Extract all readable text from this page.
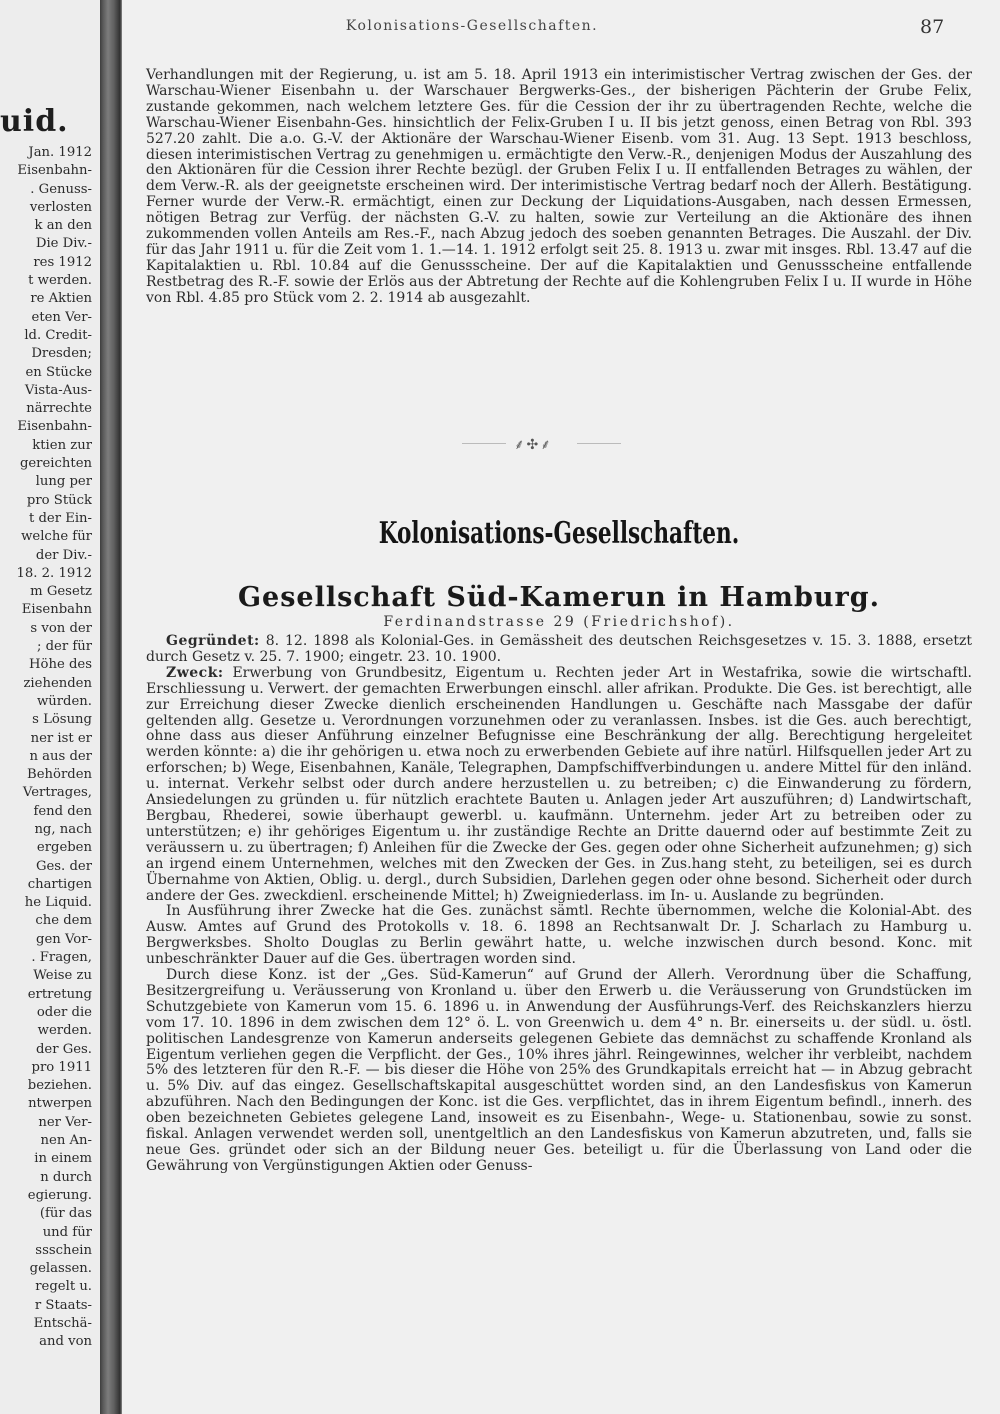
uid.
Jan. 1912
Eisenbahn-
. Genuss-
verlosten
k an den
Die Div.-
res 1912
t werden.
re Aktien
eten Ver-
ld. Credit-
Dresden;
en Stücke
Vista-Aus-
närrechte
Eisenbahn-
ktien zur
gereichten
lung per
pro Stück
t der Ein-
welche für
der Div.-
18. 2. 1912
m Gesetz
Eisenbahn
s von der
; der für
Höhe des
ziehenden
würden.
s Lösung
ner ist er
n aus der
Behörden
Vertrages,
fend den
ng, nach
ergeben
Ges. der
chartigen
he Liquid.
che dem
gen Vor-
. Fragen,
Weise zu
ertretung
oder die
werden.
der Ges.
pro 1911
beziehen.
ntwerpen
ner Ver-
nen An-
in einem
n durch
egierung.
(für das
und für
ssschein
gelassen.
regelt u.
r Staats-
Entschä-
and von
Kolonisations-Gesellschaften.	87

Verhandlungen mit der Regierung, u. ist am 5. 18. April 1913 ein interimistischer Vertrag zwischen der Ges. der Warschau-Wiener Eisenbahn u. der Warschauer Bergwerks-Ges., der bisherigen Pächterin der Grube Felix, zustande gekommen, nach welchem letztere Ges. für die Cession der ihr zu übertragenden Rechte, welche die Warschau-Wiener Eisenbahn-Ges. hinsichtlich der Felix-Gruben I u. II bis jetzt genoss, einen Betrag von Rbl. 393 527.20 zahlt. Die a.o. G.-V. der Aktionäre der Warschau-Wiener Eisenb. vom 31. Aug. 13 Sept. 1913 beschloss, diesen interimistischen Vertrag zu genehmigen u. ermächtigte den Verw.-R., denjenigen Modus der Auszahlung des den Aktionären für die Cession ihrer Rechte bezügl. der Gruben Felix I u. II entfallenden Betrages zu wählen, der dem Verw.-R. als der geeignetste erscheinen wird. Der interimistische Vertrag bedarf noch der Allerh. Bestätigung. Ferner wurde der Verw.-R. ermächtigt, einen zur Deckung der Liquidations-Ausgaben, nach dessen Ermessen, nötigen Betrag zur Verfüg. der nächsten G.-V. zu halten, sowie zur Verteilung an die Aktionäre des ihnen zukommenden vollen Anteils am Res.-F., nach Abzug jedoch des soeben genannten Betrages. Die Auszahl. der Div. für das Jahr 1911 u. für die Zeit vom 1. 1.—14. 1. 1912 erfolgt seit 25. 8. 1913 u. zwar mit insges. Rbl. 13.47 auf die Kapitalaktien u. Rbl. 10.84 auf die Genussscheine. Der auf die Kapitalaktien und Genussscheine entfallende Restbetrag des R.-F. sowie der Erlös aus der Abtretung der Rechte auf die Kohlengruben Felix I u. II wurde in Höhe von Rbl. 4.85 pro Stück vom 2. 2. 1914 ab ausgezahlt.

⸙✣⸙
Kolonisations-Gesellschaften.
Gesellschaft Süd-Kamerun in Hamburg.
Ferdinandstrasse 29 (Friedrichshof).

Gegründet: 8. 12. 1898 als Kolonial-Ges. in Gemässheit des deutschen Reichsgesetzes v. 15. 3. 1888, ersetzt durch Gesetz v. 25. 7. 1900; eingetr. 23. 10. 1900.

Zweck: Erwerbung von Grundbesitz, Eigentum u. Rechten jeder Art in Westafrika, sowie die wirtschaftl. Erschliessung u. Verwert. der gemachten Erwerbungen einschl. aller afrikan. Produkte. Die Ges. ist berechtigt, alle zur Erreichung dieser Zwecke dienlich erscheinenden Handlungen u. Geschäfte nach Massgabe der dafür geltenden allg. Gesetze u. Verordnungen vorzunehmen oder zu veranlassen. Insbes. ist die Ges. auch berechtigt, ohne dass aus dieser Anführung einzelner Befugnisse eine Beschränkung der allg. Berechtigung hergeleitet werden könnte: a) die ihr gehörigen u. etwa noch zu erwerbenden Gebiete auf ihre natürl. Hilfsquellen jeder Art zu erforschen; b) Wege, Eisenbahnen, Kanäle, Telegraphen, Dampfschiffverbindungen u. andere Mittel für den inländ. u. internat. Verkehr selbst oder durch andere herzustellen u. zu betreiben; c) die Einwanderung zu fördern, Ansiedelungen zu gründen u. für nützlich erachtete Bauten u. Anlagen jeder Art auszuführen; d) Landwirtschaft, Bergbau, Rhederei, sowie überhaupt gewerbl. u. kaufmänn. Unternehm. jeder Art zu betreiben oder zu unterstützen; e) ihr gehöriges Eigentum u. ihr zuständige Rechte an Dritte dauernd oder auf bestimmte Zeit zu veräussern u. zu übertragen; f) Anleihen für die Zwecke der Ges. gegen oder ohne Sicherheit aufzunehmen; g) sich an irgend einem Unternehmen, welches mit den Zwecken der Ges. in Zus.hang steht, zu beteiligen, sei es durch Übernahme von Aktien, Oblig. u. dergl., durch Subsidien, Darlehen gegen oder ohne besond. Sicherheit oder durch andere der Ges. zweckdienl. erscheinende Mittel; h) Zweigniederlass. im In- u. Auslande zu begründen.

In Ausführung ihrer Zwecke hat die Ges. zunächst sämtl. Rechte übernommen, welche die Kolonial-Abt. des Ausw. Amtes auf Grund des Protokolls v. 18. 6. 1898 an Rechtsanwalt Dr. J. Scharlach zu Hamburg u. Bergwerksbes. Sholto Douglas zu Berlin gewährt hatte, u. welche inzwischen durch besond. Konc. mit unbeschränkter Dauer auf die Ges. übertragen worden sind.

Durch diese Konz. ist der „Ges. Süd-Kamerun“ auf Grund der Allerh. Verordnung über die Schaffung, Besitzergreifung u. Veräusserung von Kronland u. über den Erwerb u. die Veräusserung von Grundstücken im Schutzgebiete von Kamerun vom 15. 6. 1896 u. in Anwendung der Ausführungs-Verf. des Reichskanzlers hierzu vom 17. 10. 1896 in dem zwischen dem 12° ö. L. von Greenwich u. dem 4° n. Br. einerseits u. der südl. u. östl. politischen Landesgrenze von Kamerun anderseits gelegenen Gebiete das demnächst zu schaffende Kronland als Eigentum verliehen gegen die Verpflicht. der Ges., 10% ihres jährl. Reingewinnes, welcher ihr verbleibt, nachdem 5% des letzteren für den R.-F. — bis dieser die Höhe von 25% des Grundkapitals erreicht hat — in Abzug gebracht u. 5% Div. auf das eingez. Gesellschaftskapital ausgeschüttet worden sind, an den Landesfiskus von Kamerun abzuführen. Nach den Bedingungen der Konc. ist die Ges. verpflichtet, das in ihrem Eigentum befindl., innerh. des oben bezeichneten Gebietes gelegene Land, insoweit es zu Eisenbahn-, Wege- u. Stationenbau, sowie zu sonst. fiskal. Anlagen verwendet werden soll, unentgeltlich an den Landesfiskus von Kamerun abzutreten, und, falls sie neue Ges. gründet oder sich an der Bildung neuer Ges. beteiligt u. für die Überlassung von Land oder die Gewährung von Vergünstigungen Aktien oder Genuss-
